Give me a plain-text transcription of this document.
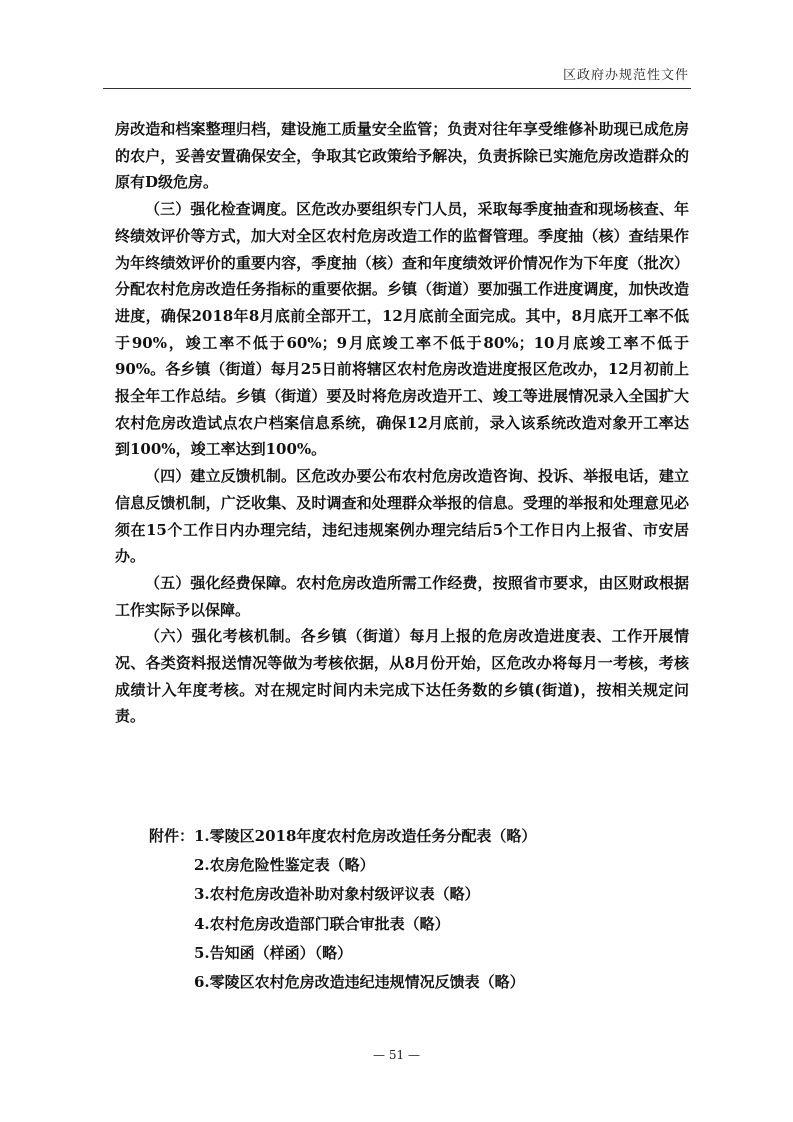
区政府办规范性文件

房改造和档案整理归档，建设施工质量安全监管；负责对往年享受维修补助现已成危房的农户，妥善安置确保安全，争取其它政策给予解决，负责拆除已实施危房改造群众的原有D级危房。

（三）强化检查调度。区危改办要组织专门人员，采取每季度抽查和现场核查、年终绩效评价等方式，加大对全区农村危房改造工作的监督管理。季度抽（核）查结果作为年终绩效评价的重要内容，季度抽（核）查和年度绩效评价情况作为下年度（批次）分配农村危房改造任务指标的重要依据。乡镇（街道）要加强工作进度调度，加快改造进度，确保2018年8月底前全部开工，12月底前全面完成。其中，8月底开工率不低于90%，竣工率不低于60%；9月底竣工率不低于80%；10月底竣工率不低于90%。各乡镇（街道）每月25日前将辖区农村危房改造进度报区危改办，12月初前上报全年工作总结。乡镇（街道）要及时将危房改造开工、竣工等进展情况录入全国扩大农村危房改造试点农户档案信息系统，确保12月底前，录入该系统改造对象开工率达到100%，竣工率达到100%。

（四）建立反馈机制。区危改办要公布农村危房改造咨询、投诉、举报电话，建立信息反馈机制，广泛收集、及时调查和处理群众举报的信息。受理的举报和处理意见必须在15个工作日内办理完结，违纪违规案例办理完结后5个工作日内上报省、市安居办。

（五）强化经费保障。农村危房改造所需工作经费，按照省市要求，由区财政根据工作实际予以保障。

（六）强化考核机制。各乡镇（街道）每月上报的危房改造进度表、工作开展情况、各类资料报送情况等做为考核依据，从8月份开始，区危改办将每月一考核，考核成绩计入年度考核。对在规定时间内未完成下达任务数的乡镇(街道)，按相关规定问责。

附件：1.零陵区2018年度农村危房改造任务分配表（略）
2.农房危险性鉴定表（略）
3.农村危房改造补助对象村级评议表（略）
4.农村危房改造部门联合审批表（略）
5.告知函（样函）（略）
6.零陵区农村危房改造违纪违规情况反馈表（略）
— 51 —
